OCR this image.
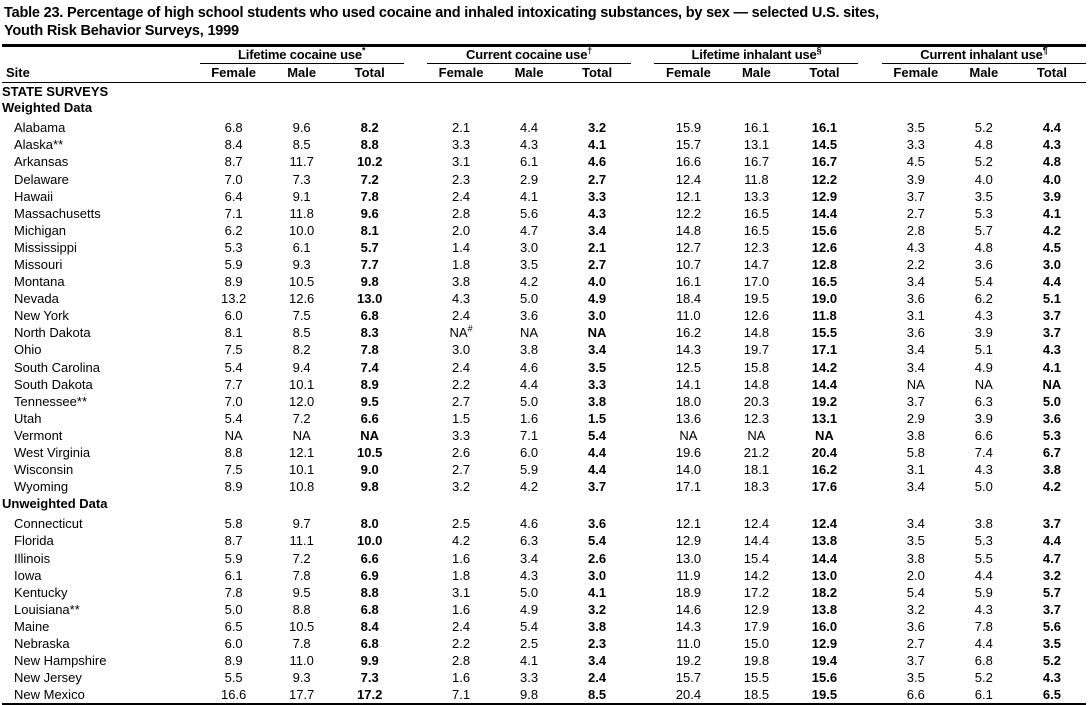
Table 23. Percentage of high school students who used cocaine and inhaled intoxicating substances, by sex — selected U.S. sites,
Youth Risk Behavior Surveys, 1999
	Lifetime cocaine use*				Current cocaine use†				Lifetime inhalant use§				Current inhalant use¶
Site	Female	Male	Total		Female	Male	Total		Female	Male	Total		Female	Male	Total
STATE SURVEYS															
Weighted Data															

Alabama	6.8	9.6	8.2		2.1	4.4	3.2		15.9	16.1	16.1		3.5	5.2	4.4
Alaska**	8.4	8.5	8.8		3.3	4.3	4.1		15.7	13.1	14.5		3.3	4.8	4.3
Arkansas	8.7	11.7	10.2		3.1	6.1	4.6		16.6	16.7	16.7		4.5	5.2	4.8
Delaware	7.0	7.3	7.2		2.3	2.9	2.7		12.4	11.8	12.2		3.9	4.0	4.0
Hawaii	6.4	9.1	7.8		2.4	4.1	3.3		12.1	13.3	12.9		3.7	3.5	3.9
Massachusetts	7.1	11.8	9.6		2.8	5.6	4.3		12.2	16.5	14.4		2.7	5.3	4.1
Michigan	6.2	10.0	8.1		2.0	4.7	3.4		14.8	16.5	15.6		2.8	5.7	4.2
Mississippi	5.3	6.1	5.7		1.4	3.0	2.1		12.7	12.3	12.6		4.3	4.8	4.5
Missouri	5.9	9.3	7.7		1.8	3.5	2.7		10.7	14.7	12.8		2.2	3.6	3.0
Montana	8.9	10.5	9.8		3.8	4.2	4.0		16.1	17.0	16.5		3.4	5.4	4.4
Nevada	13.2	12.6	13.0		4.3	5.0	4.9		18.4	19.5	19.0		3.6	6.2	5.1
New York	6.0	7.5	6.8		2.4	3.6	3.0		11.0	12.6	11.8		3.1	4.3	3.7
North Dakota	8.1	8.5	8.3		NA#	NA	NA		16.2	14.8	15.5		3.6	3.9	3.7
Ohio	7.5	8.2	7.8		3.0	3.8	3.4		14.3	19.7	17.1		3.4	5.1	4.3
South Carolina	5.4	9.4	7.4		2.4	4.6	3.5		12.5	15.8	14.2		3.4	4.9	4.1
South Dakota	7.7	10.1	8.9		2.2	4.4	3.3		14.1	14.8	14.4		NA	NA	NA
Tennessee**	7.0	12.0	9.5		2.7	5.0	3.8		18.0	20.3	19.2		3.7	6.3	5.0
Utah	5.4	7.2	6.6		1.5	1.6	1.5		13.6	12.3	13.1		2.9	3.9	3.6
Vermont	NA	NA	NA		3.3	7.1	5.4		NA	NA	NA		3.8	6.6	5.3
West Virginia	8.8	12.1	10.5		2.6	6.0	4.4		19.6	21.2	20.4		5.8	7.4	6.7
Wisconsin	7.5	10.1	9.0		2.7	5.9	4.4		14.0	18.1	16.2		3.1	4.3	3.8
Wyoming	8.9	10.8	9.8		3.2	4.2	3.7		17.1	18.3	17.6		3.4	5.0	4.2
Unweighted Data															

Connecticut	5.8	9.7	8.0		2.5	4.6	3.6		12.1	12.4	12.4		3.4	3.8	3.7
Florida	8.7	11.1	10.0		4.2	6.3	5.4		12.9	14.4	13.8		3.5	5.3	4.4
Illinois	5.9	7.2	6.6		1.6	3.4	2.6		13.0	15.4	14.4		3.8	5.5	4.7
Iowa	6.1	7.8	6.9		1.8	4.3	3.0		11.9	14.2	13.0		2.0	4.4	3.2
Kentucky	7.8	9.5	8.8		3.1	5.0	4.1		18.9	17.2	18.2		5.4	5.9	5.7
Louisiana**	5.0	8.8	6.8		1.6	4.9	3.2		14.6	12.9	13.8		3.2	4.3	3.7
Maine	6.5	10.5	8.4		2.4	5.4	3.8		14.3	17.9	16.0		3.6	7.8	5.6
Nebraska	6.0	7.8	6.8		2.2	2.5	2.3		11.0	15.0	12.9		2.7	4.4	3.5
New Hampshire	8.9	11.0	9.9		2.8	4.1	3.4		19.2	19.8	19.4		3.7	6.8	5.2
New Jersey	5.5	9.3	7.3		1.6	3.3	2.4		15.7	15.5	15.6		3.5	5.2	4.3
New Mexico	16.6	17.7	17.2		7.1	9.8	8.5		20.4	18.5	19.5		6.6	6.1	6.5
